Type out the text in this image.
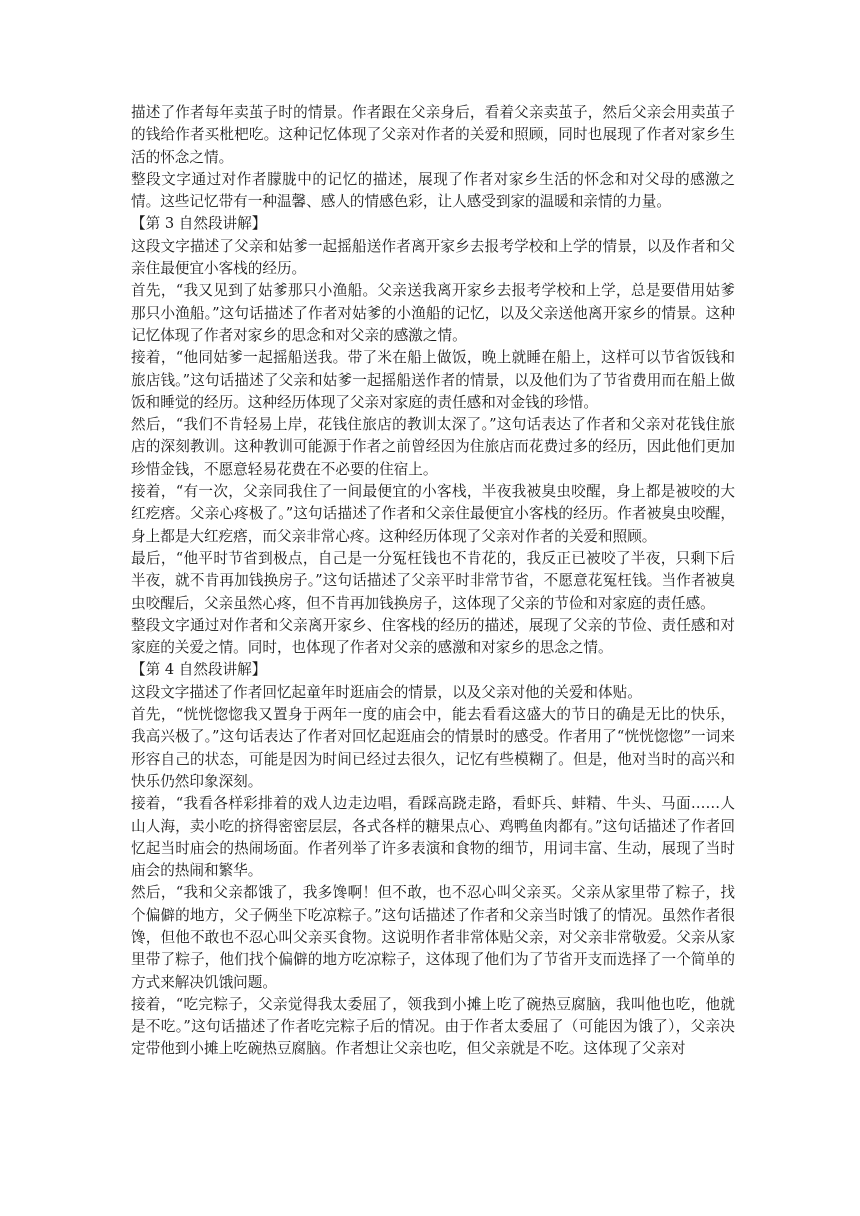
描述了作者每年卖茧子时的情景。作者跟在父亲身后，看着父亲卖茧子，然后父亲会用卖茧子的钱给作者买枇杷吃。这种记忆体现了父亲对作者的关爱和照顾，同时也展现了作者对家乡生活的怀念之情。

整段文字通过对作者朦胧中的记忆的描述，展现了作者对家乡生活的怀念和对父母的感激之情。这些记忆带有一种温馨、感人的情感色彩，让人感受到家的温暖和亲情的力量。

【第 3 自然段讲解】

这段文字描述了父亲和姑爹一起摇船送作者离开家乡去报考学校和上学的情景，以及作者和父亲住最便宜小客栈的经历。

首先，“我又见到了姑爹那只小渔船。父亲送我离开家乡去报考学校和上学，总是要借用姑爹那只小渔船。”这句话描述了作者对姑爹的小渔船的记忆，以及父亲送他离开家乡的情景。这种记忆体现了作者对家乡的思念和对父亲的感激之情。

接着，“他同姑爹一起摇船送我。带了米在船上做饭，晚上就睡在船上，这样可以节省饭钱和旅店钱。”这句话描述了父亲和姑爹一起摇船送作者的情景，以及他们为了节省费用而在船上做饭和睡觉的经历。这种经历体现了父亲对家庭的责任感和对金钱的珍惜。

然后，“我们不肯轻易上岸，花钱住旅店的教训太深了。”这句话表达了作者和父亲对花钱住旅店的深刻教训。这种教训可能源于作者之前曾经因为住旅店而花费过多的经历，因此他们更加珍惜金钱，不愿意轻易花费在不必要的住宿上。

接着，“有一次，父亲同我住了一间最便宜的小客栈，半夜我被臭虫咬醒，身上都是被咬的大红疙瘩。父亲心疼极了。”这句话描述了作者和父亲住最便宜小客栈的经历。作者被臭虫咬醒，身上都是大红疙瘩，而父亲非常心疼。这种经历体现了父亲对作者的关爱和照顾。

最后，“他平时节省到极点，自己是一分冤枉钱也不肯花的，我反正已被咬了半夜，只剩下后半夜，就不肯再加钱换房子。”这句话描述了父亲平时非常节省，不愿意花冤枉钱。当作者被臭虫咬醒后，父亲虽然心疼，但不肯再加钱换房子，这体现了父亲的节俭和对家庭的责任感。

整段文字通过对作者和父亲离开家乡、住客栈的经历的描述，展现了父亲的节俭、责任感和对家庭的关爱之情。同时，也体现了作者对父亲的感激和对家乡的思念之情。

【第 4 自然段讲解】

这段文字描述了作者回忆起童年时逛庙会的情景，以及父亲对他的关爱和体贴。

首先，“恍恍惚惚我又置身于两年一度的庙会中，能去看看这盛大的节日的确是无比的快乐，我高兴极了。”这句话表达了作者对回忆起逛庙会的情景时的感受。作者用了“恍恍惚惚”一词来形容自己的状态，可能是因为时间已经过去很久，记忆有些模糊了。但是，他对当时的高兴和快乐仍然印象深刻。

接着，“我看各样彩排着的戏人边走边唱，看踩高跷走路，看虾兵、蚌精、牛头、马面……人山人海，卖小吃的挤得密密层层，各式各样的糖果点心、鸡鸭鱼肉都有。”这句话描述了作者回忆起当时庙会的热闹场面。作者列举了许多表演和食物的细节，用词丰富、生动，展现了当时庙会的热闹和繁华。

然后，“我和父亲都饿了，我多馋啊！但不敢，也不忍心叫父亲买。父亲从家里带了粽子，找个偏僻的地方，父子俩坐下吃凉粽子。”这句话描述了作者和父亲当时饿了的情况。虽然作者很馋，但他不敢也不忍心叫父亲买食物。这说明作者非常体贴父亲，对父亲非常敬爱。父亲从家里带了粽子，他们找个偏僻的地方吃凉粽子，这体现了他们为了节省开支而选择了一个简单的方式来解决饥饿问题。

接着，“吃完粽子，父亲觉得我太委屈了，领我到小摊上吃了碗热豆腐脑，我叫他也吃，他就是不吃。”这句话描述了作者吃完粽子后的情况。由于作者太委屈了（可能因为饿了），父亲决定带他到小摊上吃碗热豆腐脑。作者想让父亲也吃，但父亲就是不吃。这体现了父亲对
